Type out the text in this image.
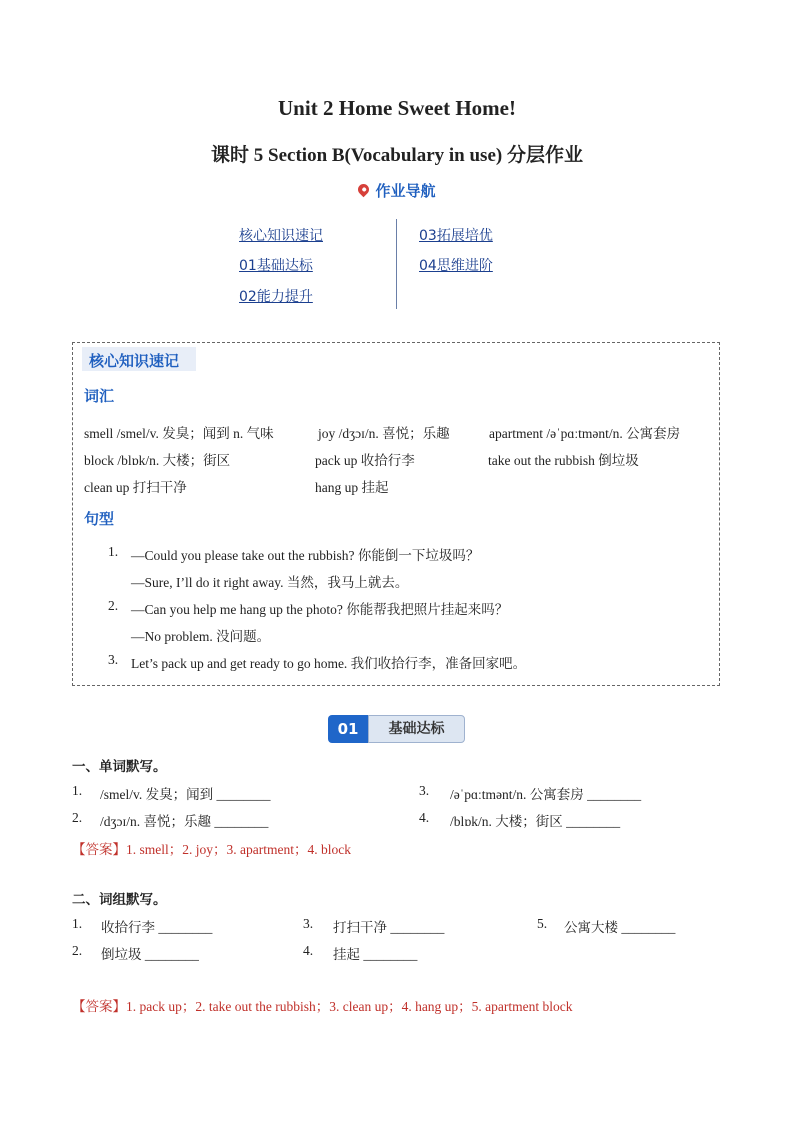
Unit 2 Home Sweet Home!
课时 5 Section B(Vocabulary in use) 分层作业
作业导航
核心知识速记
01基础达标
02能力提升
03拓展培优
04思维进阶
核心知识速记
词汇
smell /smel/v. 发臭；闻到 n. 气味	joy /dʒɔɪ/n. 喜悦；乐趣	apartment /əˈpɑːtmənt/n. 公寓套房
block /blɒk/n. 大楼；街区	pack up 收拾行李	take out the rubbish 倒垃圾
clean up 打扫干净	hang up 挂起
句型
1. —Could you please take out the rubbish? 你能倒一下垃圾吗？
—Sure, I’ll do it right away. 当然，我马上就去。
2. —Can you help me hang up the photo? 你能帮我把照片挂起来吗？
—No problem. 没问题。
3. Let’s pack up and get ready to go home. 我们收拾行李，准备回家吧。
01	基础达标
一、单词默写。
1. /smel/v. 发臭；闻到 ________
2. /dʒɔɪ/n. 喜悦；乐趣 ________
3. /əˈpɑːtmənt/n. 公寓套房 ________
4. /blɒk/n. 大楼；街区 ________
【答案】1. smell；2. joy；3. apartment；4. block
二、词组默写。
1. 收拾行李 ________
2. 倒垃圾 ________
3. 打扫干净 ________
4. 挂起 ________
5. 公寓大楼 ________
【答案】1. pack up；2. take out the rubbish；3. clean up；4. hang up；5. apartment block
